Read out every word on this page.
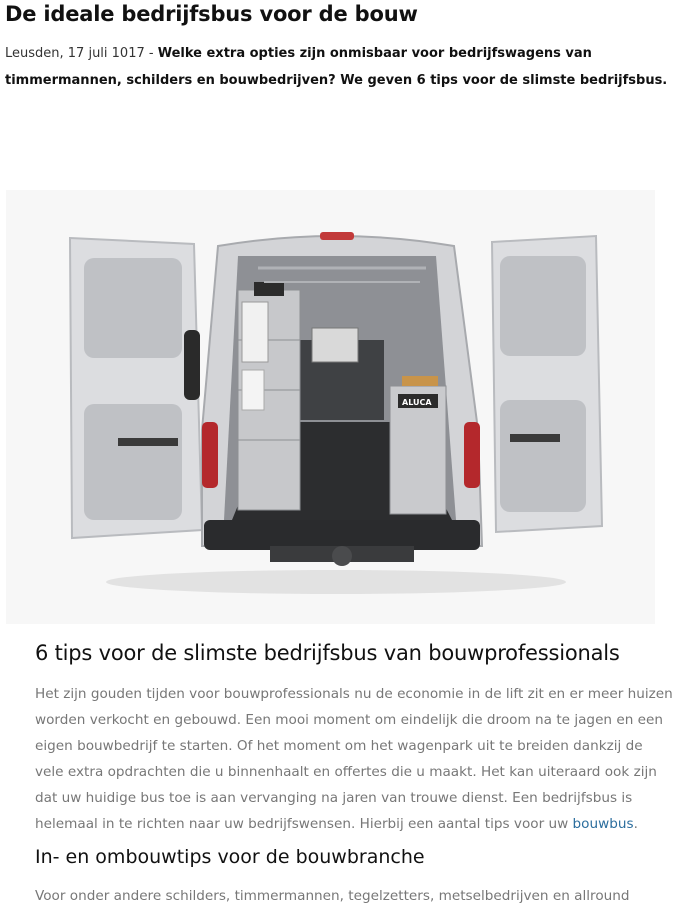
De ideale bedrijfsbus voor de bouw

Leusden, 17 juli 1017 - Welke extra opties zijn onmisbaar voor bedrijfswagens van timmermannen, schilders en bouwbedrijven? We geven 6 tips voor de slimste bedrijfsbus.

ALUCA
6 tips voor de slimste bedrijfsbus van bouwprofessionals

Het zijn gouden tijden voor bouwprofessionals nu de economie in de lift zit en er meer huizen worden verkocht en gebouwd. Een mooi moment om eindelijk die droom na te jagen en een eigen bouwbedrijf te starten. Of het moment om het wagenpark uit te breiden dankzij de vele extra opdrachten die u binnenhaalt en offertes die u maakt. Het kan uiteraard ook zijn dat uw huidige bus toe is aan vervanging na jaren van trouwe dienst. Een bedrijfsbus is helemaal in te richten naar uw bedrijfswensen. Hierbij een aantal tips voor uw bouwbus.

In- en ombouwtips voor de bouwbranche

Voor onder andere schilders, timmermannen, tegelzetters, metselbedrijven en allround
